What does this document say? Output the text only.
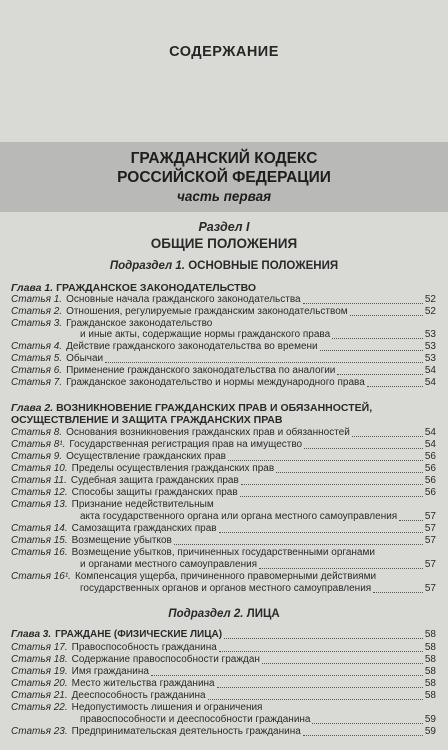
СОДЕРЖАНИЕ
ГРАЖДАНСКИЙ КОДЕКС
РОССИЙСКОЙ ФЕДЕРАЦИИ
часть первая
Раздел I
ОБЩИЕ ПОЛОЖЕНИЯ
Подраздел 1. ОСНОВНЫЕ ПОЛОЖЕНИЯ
Глава 1. ГРАЖДАНСКОЕ ЗАКОНОДАТЕЛЬСТВО
Статья 1. Основные начала гражданского законодательства	52
Статья 2. Отношения, регулируемые гражданским законодательством	52
Статья 3. Гражданское законодательство
и иные акты, содержащие нормы гражданского права	53
Статья 4. Действие гражданского законодательства во времени	53
Статья 5. Обычаи	53
Статья 6. Применение гражданского законодательства по аналогии	54
Статья 7. Гражданское законодательство и нормы международного права	54
Глава 2. ВОЗНИКНОВЕНИЕ ГРАЖДАНСКИХ ПРАВ И ОБЯЗАННОСТЕЙ,
ОСУЩЕСТВЛЕНИЕ И ЗАЩИТА ГРАЖДАНСКИХ ПРАВ
Статья 8. Основания возникновения гражданских прав и обязанностей	54
Статья 8¹. Государственная регистрация прав на имущество	54
Статья 9. Осуществление гражданских прав	56
Статья 10. Пределы осуществления гражданских прав	56
Статья 11. Судебная защита гражданских прав	56
Статья 12. Способы защиты гражданских прав	56
Статья 13. Признание недействительным
акта государственного органа или органа местного самоуправления	57
Статья 14. Самозащита гражданских прав	57
Статья 15. Возмещение убытков	57
Статья 16. Возмещение убытков, причиненных государственными органами
и органами местного самоуправления	57
Статья 16¹. Компенсация ущерба, причиненного правомерными действиями
государственных органов и органов местного самоуправления	57
Подраздел 2. ЛИЦА
Глава 3. ГРАЖДАНЕ (ФИЗИЧЕСКИЕ ЛИЦА)	58
Статья 17. Правоспособность гражданина	58
Статья 18. Содержание правоспособности граждан	58
Статья 19. Имя гражданина	58
Статья 20. Место жительства гражданина	58
Статья 21. Дееспособность гражданина	58
Статья 22. Недопустимость лишения и ограничения
правоспособности и дееспособности гражданина	59
Статья 23. Предпринимательская деятельность гражданина	59
